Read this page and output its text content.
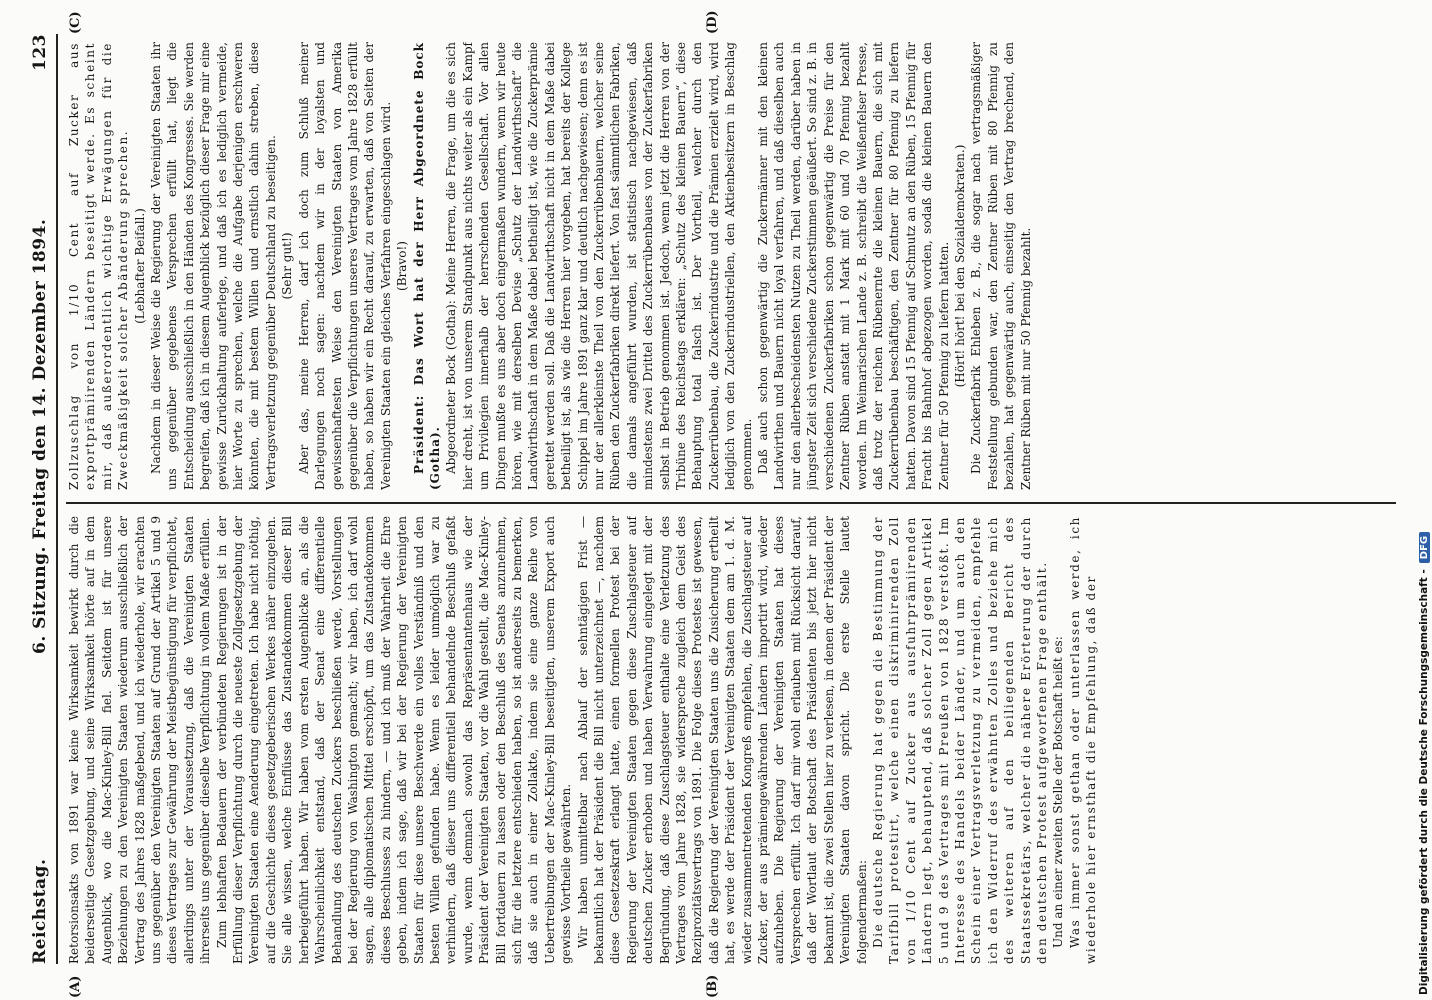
Reichstag.
6. Sitzung. Freitag den 14. Dezember 1894.
123
(A)	(B)
(C)	(D)

Retorsionsakts von 1891 war keine Wirksamkeit bewirkt durch die beiderseitige Gesetzgebung, und seine Wirksamkeit hörte auf in dem Augenblick, wo die Mac-Kinley-Bill fiel. Seitdem ist für unsere Beziehungen zu den Vereinigten Staaten wiederum ausschließlich der Vertrag des Jahres 1828 maßgebend, und ich wiederhole, wir erachten uns gegenüber den Vereinigten Staaten auf Grund der Artikel 5 und 9 dieses Vertrages zur Gewährung der Meistbegünstigung für verpflichtet, allerdings unter der Voraussetzung, daß die Vereinigten Staaten ihrerseits uns gegenüber dieselbe Verpflichtung in vollem Maße erfüllen. Zum lebhaften Bedauern der verbündeten Regierungen ist in der Erfüllung dieser Verpflichtung durch die neueste Zollgesetzgebung der Vereinigten Staaten eine Aenderung eingetreten. Ich habe nicht nöthig, auf die Geschichte dieses gesetzgeberischen Werkes näher einzugehen. Sie alle wissen, welche Einflüsse das Zustandekommen dieser Bill herbeigeführt haben. Wir haben vom ersten Augenblicke an, als die Wahrscheinlichkeit entstand, daß der Senat eine differentielle Behandlung des deutschen Zuckers beschließen werde, Vorstellungen bei der Regierung von Washington gemacht; wir haben, ich darf wohl sagen, alle diplomatischen Mittel erschöpft, um das Zustandekommen dieses Beschlusses zu hindern, — und ich muß der Wahrheit die Ehre geben, indem ich sage, daß wir bei der Regierung der Vereinigten Staaten für diese unsere Beschwerde ein volles Verständniß und den besten Willen gefunden habe. Wenn es leider unmöglich war zu verhindern, daß dieser uns differentiell behandelnde Beschluß gefaßt wurde, wenn demnach sowohl das Repräsentantenhaus wie der Präsident der Vereinigten Staaten, vor die Wahl gestellt, die Mac-Kinley-Bill fortdauern zu lassen oder den Beschluß des Senats anzunehmen, sich für die letztere entschieden haben, so ist anderseits zu bemerken, daß sie auch in einer Zollakte, indem sie eine ganze Reihe von Uebertreibungen der Mac-Kinley-Bill beseitigten, unserem Export auch gewisse Vortheile gewährten. Wir haben unmittelbar nach Ablauf der sehntägigen Frist — bekanntlich hat der Präsident die Bill nicht unterzeichnet —, nachdem diese Gesetzeskraft erlangt hatte, einen formellen Protest bei der Regierung der Vereinigten Staaten gegen diese Zuschlagsteuer auf deutschen Zucker erhoben und haben Verwahrung eingelegt mit der Begründung, daß diese Zuschlagsteuer enthalte eine Verletzung des Vertrages vom Jahre 1828, sie widerspreche zugleich dem Geist des Reziprozitätsvertrags von 1891. Die Folge dieses Protestes ist gewesen, daß die Regierung der Vereinigten Staaten uns die Zusicherung ertheilt hat, es werde der Präsident der Vereinigten Staaten dem am 1. d. M. wieder zusammentretenden Kongreß empfehlen, die Zuschlagsteuer auf Zucker, der aus prämiengewährenden Ländern importirt wird, wieder aufzuheben. Die Regierung der Vereinigten Staaten hat dieses Versprechen erfüllt. Ich darf mir wohl erlauben mit Rücksicht darauf, daß der Wortlaut der Botschaft des Präsidenten bis jetzt hier nicht bekannt ist, die zwei Stellen hier zu verlesen, in denen der Präsident der Vereinigten Staaten davon spricht. Die erste Stelle lautet folgendermaßen: Die deutsche Regierung hat gegen die Bestimmung der Tarifbill protestirt, welche einen diskriminirenden Zoll von 1/10 Cent auf Zucker aus ausfuhrprämiirenden Ländern legt, behauptend, daß solcher Zoll gegen Artikel 5 und 9 des Vertrages mit Preußen von 1828 verstößt. Im Interesse des Handels beider Länder, und um auch den Schein einer Vertragsverletzung zu vermeiden, empfehle ich den Widerruf des erwähnten Zolles und beziehe mich des weiteren auf den beiliegenden Bericht des Staatssekretärs, welcher die nähere Erörterung der durch den deutschen Protest aufgeworfenen Frage enthält. Und an einer zweiten Stelle der Botschaft heißt es: Was immer sonst gethan oder unterlassen werde, ich wiederhole hier ernsthaft die Empfehlung, daß der

Zollzuschlag von 1/10 Cent auf Zucker aus exportprämiirenden Ländern beseitigt werde. Es scheint mir, daß außerordentlich wichtige Erwägungen für die Zweckmäßigkeit solcher Abänderung sprechen. (Lebhafter Beifall.) Nachdem in dieser Weise die Regierung der Vereinigten Staaten ihr uns gegenüber gegebenes Versprechen erfüllt hat, liegt die Entscheidung ausschließlich in den Händen des Kongresses. Sie werden begreifen, daß ich in diesem Augenblick bezüglich dieser Frage mir eine gewisse Zurückhaltung auferlege, und daß ich es lediglich vermeide, hier Worte zu sprechen, welche die Aufgabe derjenigen erschweren könnten, die mit bestem Willen und ernstlich dahin streben, diese Vertragsverletzung gegenüber Deutschland zu beseitigen. (Sehr gut!) Aber das, meine Herren, darf ich doch zum Schluß meiner Darlegungen noch sagen: nachdem wir in der loyalsten und gewissenhaftesten Weise den Vereinigten Staaten von Amerika gegenüber die Verpflichtungen unseres Vertrages vom Jahre 1828 erfüllt haben, so haben wir ein Recht darauf, zu erwarten, daß von Seiten der Vereinigten Staaten ein gleiches Verfahren eingeschlagen wird. (Bravo!) Präsident: Das Wort hat der Herr Abgeordnete Bock (Gotha). Abgeordneter Bock (Gotha): Meine Herren, die Frage, um die es sich hier dreht, ist von unserem Standpunkt aus nichts weiter als ein Kampf um Privilegien innerhalb der herrschenden Gesellschaft. Vor allen Dingen mußte es uns aber doch eingermaßen wundern, wenn wir heute hören, wie mit derselben Devise „Schutz der Landwirthschaft“ die Landwirthschaft in dem Maße dabei betheiligt ist, wie die Zuckerprämie gerettet werden soll. Daß die Landwirthschaft nicht in dem Maße dabei betheiligt ist, als wie die Herren hier vorgeben, hat bereits der Kollege Schippel im Jahre 1891 ganz klar und deutlich nachgewiesen; denn es ist nur der allerkleinste Theil von den Zuckerrübenbauern, welcher seine Rüben den Zuckerfabriken direkt liefert. Von fast sämmtlichen Fabriken, die damals angeführt wurden, ist statistisch nachgewiesen, daß mindestens zwei Drittel des Zuckerrübenbaues von der Zuckerfabriken selbst in Betrieb genommen ist. Jedoch, wenn jetzt die Herren von der Tribüne des Reichstags erklären: „Schutz des kleinen Bauern“, diese Behauptung total falsch ist. Der Vortheil, welcher durch den Zuckerrübenbau, die Zuckerindustrie und die Prämien erzielt wird, wird lediglich von den Zuckerindustriellen, den Aktienbesitzern in Beschlag genommen. Daß auch schon gegenwärtig die Zuckermänner mit den kleinen Landwirthen und Bauern nicht loyal verfahren, und daß dieselben auch nur den allerbescheidensten Nutzen zu Theil werden, darüber haben in jüngster Zeit sich verschiedene Zuckerstimmen geäußert. So sind z. B. in verschiedenen Zuckerfabriken schon gegenwärtig die Preise für den Zentner Rüben anstatt mit 1 Mark mit 60 und 70 Pfennig bezahlt worden. Im Weimarischen Lande z. B. schreibt die Weißenfelser Presse, daß trotz der reichen Rübenernte die kleinen Bauern, die sich mit Zuckerrübenbau beschäftigen, den Zentner für 80 Pfennig zu liefern hatten. Davon sind 15 Pfennig auf Schmutz an den Rüben, 15 Pfennig für Fracht bis Bahnhof abgezogen worden, sodaß die kleinen Bauern den Zentner für 50 Pfennig zu liefern hatten. (Hört! hört! bei den Sozialdemokraten.) Die Zuckerfabrik Ehleben z. B., die sogar nach vertragsmäßiger Feststellung gebunden war, den Zentner Rüben mit 80 Pfennig zu bezahlen, hat gegenwärtig auch, einseitig den Vertrag brechend, den Zentner Rüben mit nur 50 Pfennig bezahlt.

Digitalisierung gefördert durch die Deutsche Forschungsgemeinschaft -DFG
